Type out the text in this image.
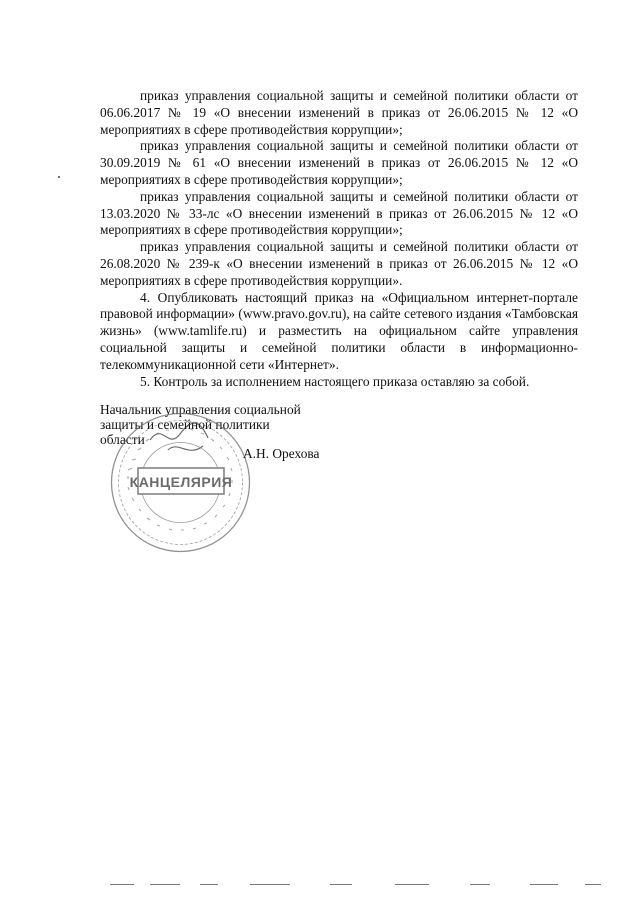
приказ управления социальной защиты и семейной политики области от 06.06.2017 № 19 «О внесении изменений в приказ от 26.06.2015 № 12 «О мероприятиях в сфере противодействия коррупции»;

приказ управления социальной защиты и семейной политики области от 30.09.2019 № 61 «О внесении изменений в приказ от 26.06.2015 № 12 «О мероприятиях в сфере противодействия коррупции»;

приказ управления социальной защиты и семейной политики области от 13.03.2020 № 33-лс «О внесении изменений в приказ от 26.06.2015 № 12 «О мероприятиях в сфере противодействия коррупции»;

приказ управления социальной защиты и семейной политики области от 26.08.2020 № 239-к «О внесении изменений в приказ от 26.06.2015 № 12 «О мероприятиях в сфере противодействия коррупции».

4. Опубликовать настоящий приказ на «Официальном интернет-портале правовой информации» (www.pravo.gov.ru), на сайте сетевого издания «Тамбовская жизнь» (www.tamlife.ru) и разместить на официальном сайте управления социальной защиты и семейной политики области в информационно-телекоммуникационной сети «Интернет».

5. Контроль за исполнением настоящего приказа оставляю за собой.

Начальник управления социальной
защиты и семейной политики
области
КАНЦЕЛЯРИЯ
А.Н. Орехова
